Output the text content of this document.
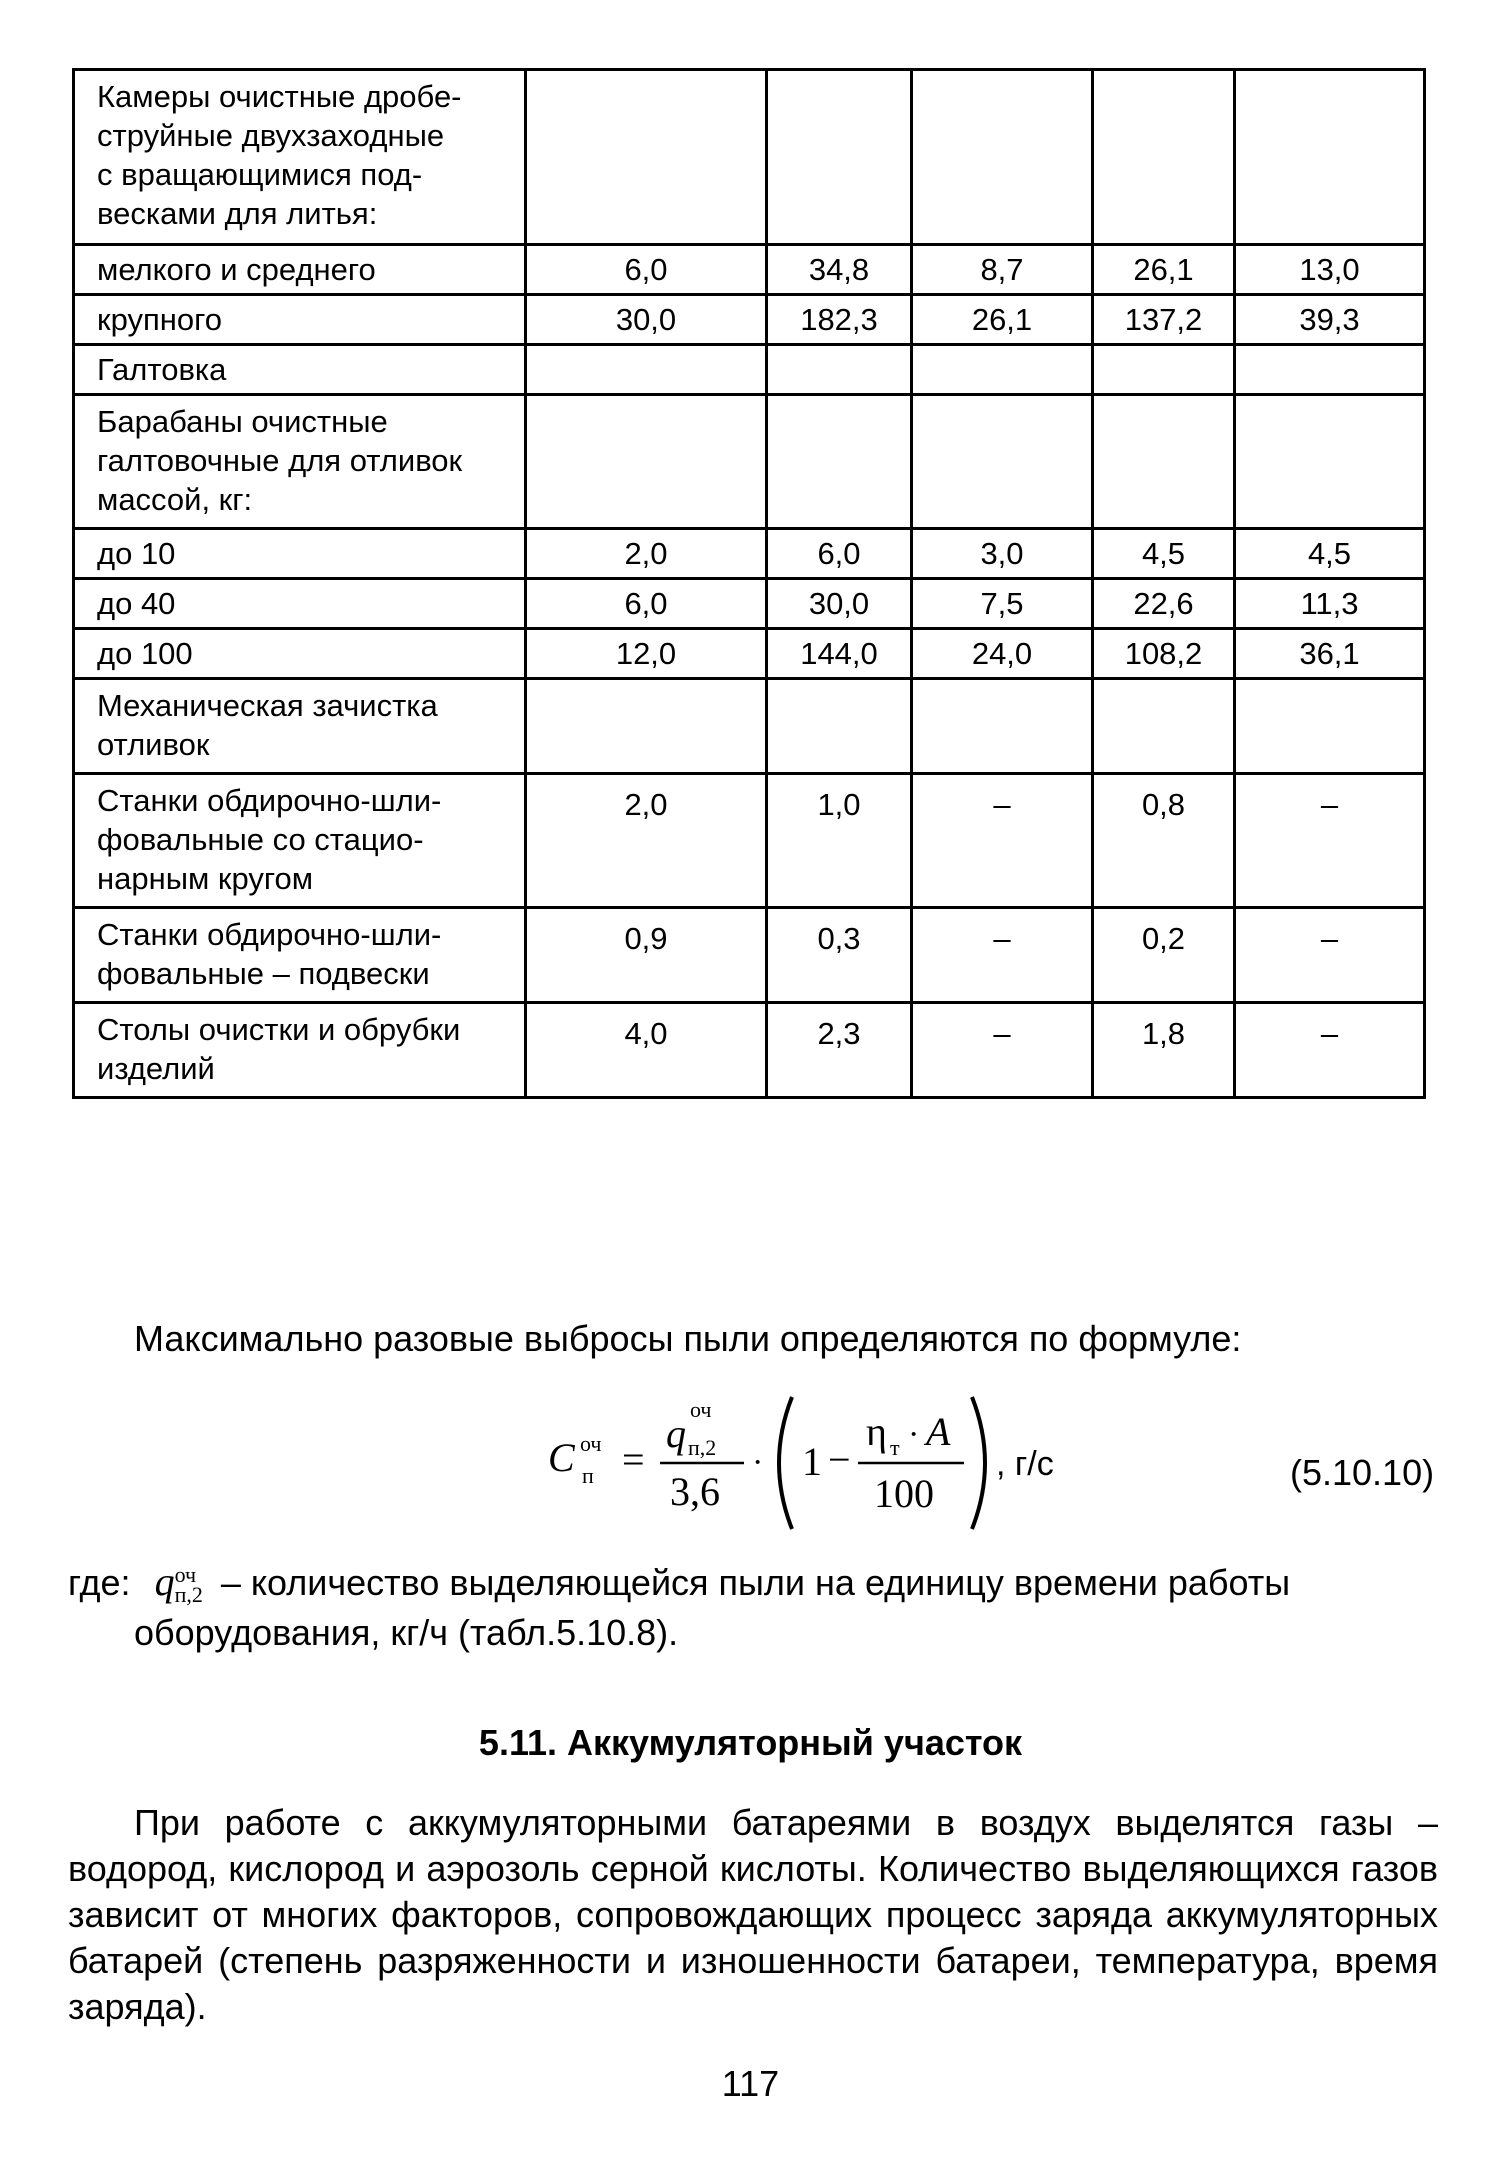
Камеры очистные дробе-
струйные двухзаходные
с вращающимися под-
весками для литья:					
мелкого и среднего	6,0	34,8	8,7	26,1	13,0
крупного	30,0	182,3	26,1	137,2	39,3
Галтовка					
Барабаны очистные
галтовочные для отливок
массой, кг:					
до 10	2,0	6,0	3,0	4,5	4,5
до 40	6,0	30,0	7,5	22,6	11,3
до 100	12,0	144,0	24,0	108,2	36,1
Механическая зачистка
отливок					
Станки обдирочно-шли-
фовальные со стацио-
нарным кругом	2,0	1,0	–	0,8	–
Станки обдирочно-шли-
фовальные – подвески	0,9	0,3	–	0,2	–
Столы очистки и обрубки
изделий	4,0	2,3	–	1,8	–
Максимально разовые выбросы пыли определяются по формуле:
C оч
п =
q
оч
п,2
3,6
· 1 −
η т · A
100
, г/с	(5.10.10)
где: q оч
п,2 – количество выделяющейся пыли на единицу времени работы
оборудования, кг/ч (табл.5.10.8).
5.11. Аккумуляторный участок
При работе с аккумуляторными батареями в воздух выделятся газы – водород, кислород и аэрозоль серной кислоты. Количество выделяющихся газов зависит от многих факторов, сопровождающих процесс заряда аккумуляторных батарей (степень разряженности и изношенности батареи, температура, время заряда).
117
